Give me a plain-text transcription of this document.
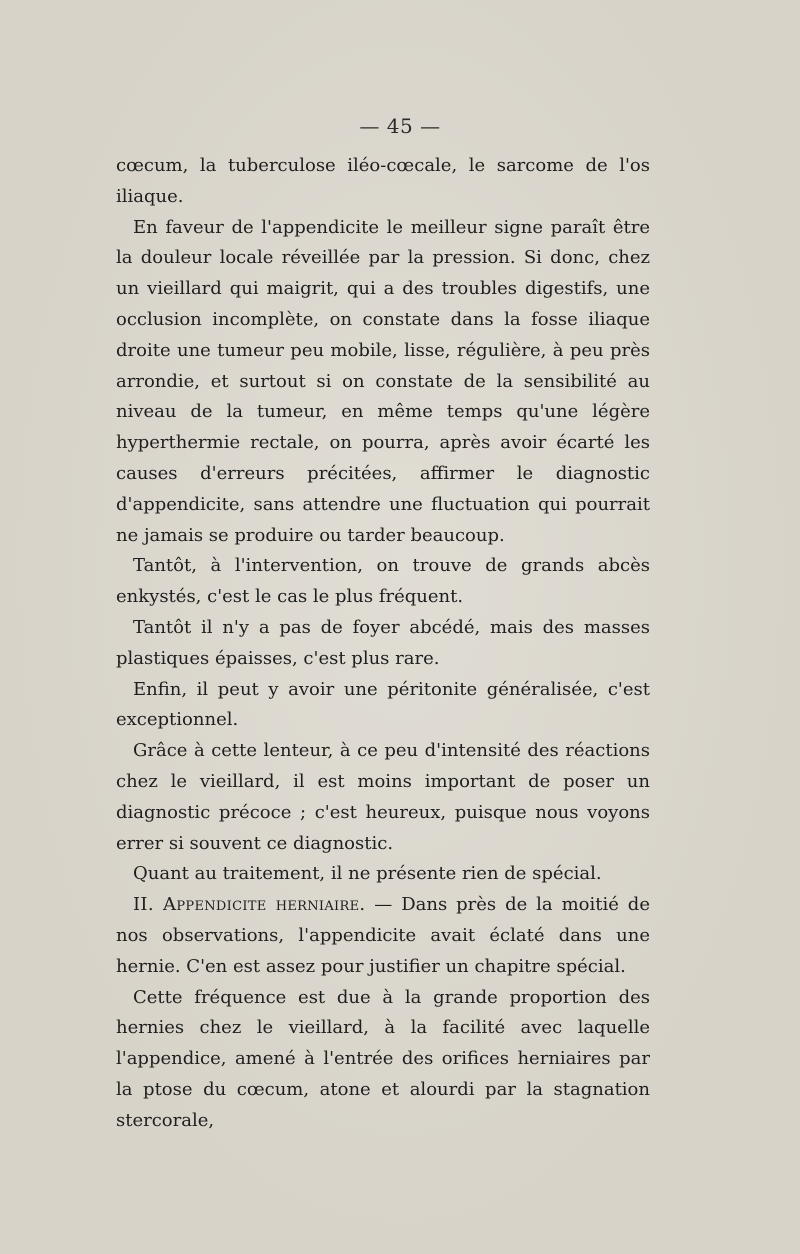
— 45 —

cœcum, la tuberculose iléo-cœcale, le sarcome de l'os iliaque.

En faveur de l'appendicite le meilleur signe paraît être la douleur locale réveillée par la pression. Si donc, chez un vieillard qui maigrit, qui a des troubles digestifs, une occlusion incomplète, on constate dans la fosse iliaque droite une tumeur peu mobile, lisse, régulière, à peu près arrondie, et surtout si on constate de la sensibilité au niveau de la tumeur, en même temps qu'une légère hyperthermie rectale, on pourra, après avoir écarté les causes d'erreurs précitées, affirmer le diagnostic d'appendicite, sans attendre une fluctuation qui pourrait ne jamais se produire ou tarder beaucoup.

Tantôt, à l'intervention, on trouve de grands abcès enkystés, c'est le cas le plus fréquent.

Tantôt il n'y a pas de foyer abcédé, mais des masses plastiques épaisses, c'est plus rare.

Enfin, il peut y avoir une péritonite généralisée, c'est exceptionnel.

Grâce à cette lenteur, à ce peu d'intensité des réactions chez le vieillard, il est moins important de poser un diagnostic précoce ; c'est heureux, puisque nous voyons errer si souvent ce diagnostic.

Quant au traitement, il ne présente rien de spécial.

II. Appendicite herniaire. — Dans près de la moitié de nos observations, l'appendicite avait éclaté dans une hernie. C'en est assez pour justifier un chapitre spécial.

Cette fréquence est due à la grande proportion des hernies chez le vieillard, à la facilité avec laquelle l'appendice, amené à l'entrée des orifices herniaires par la ptose du cœcum, atone et alourdi par la stagnation stercorale,
